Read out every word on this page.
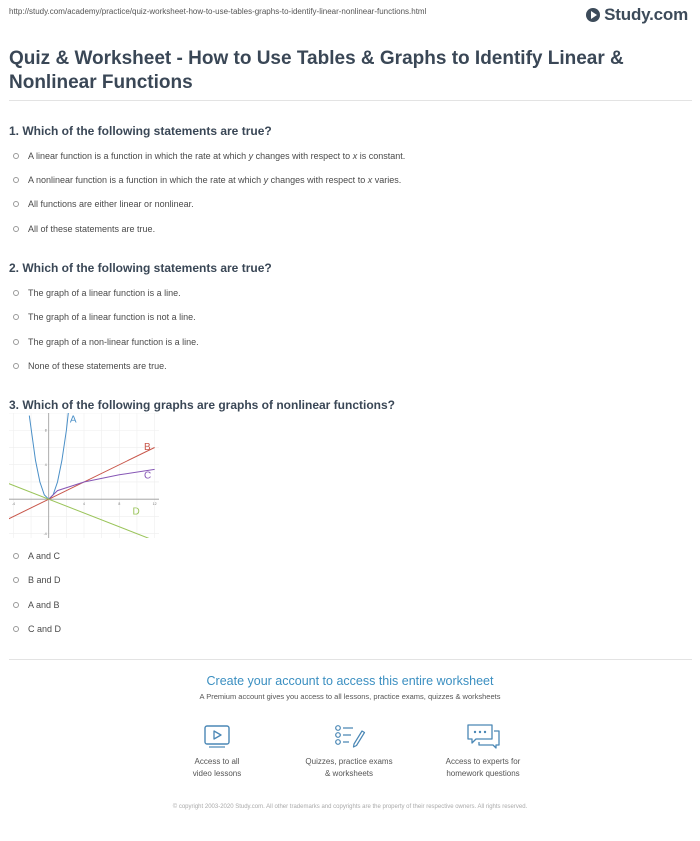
http://study.com/academy/practice/quiz-worksheet-how-to-use-tables-graphs-to-identify-linear-nonlinear-functions.html	Study.com
Quiz & Worksheet - How to Use Tables & Graphs to Identify Linear & Nonlinear Functions
1. Which of the following statements are true?
A linear function is a function in which the rate at which y changes with respect to x is constant.
A nonlinear function is a function in which the rate at which y changes with respect to x varies.
All functions are either linear or nonlinear.
All of these statements are true.
2. Which of the following statements are true?
The graph of a linear function is a line.
The graph of a linear function is not a line.
The graph of a non-linear function is a line.
None of these statements are true.
3. Which of the following graphs are graphs of nonlinear functions?
-4	4	8	12
-4
4
8
A
B
C
D
A and C
B and D
A and B
C and D
Create your account to access this entire worksheet
A Premium account gives you access to all lessons, practice exams, quizzes & worksheets
Access to all
video lessons
Quizzes, practice exams
& worksheets
Access to experts for
homework questions
© copyright 2003-2020 Study.com. All other trademarks and copyrights are the property of their respective owners. All rights reserved.
